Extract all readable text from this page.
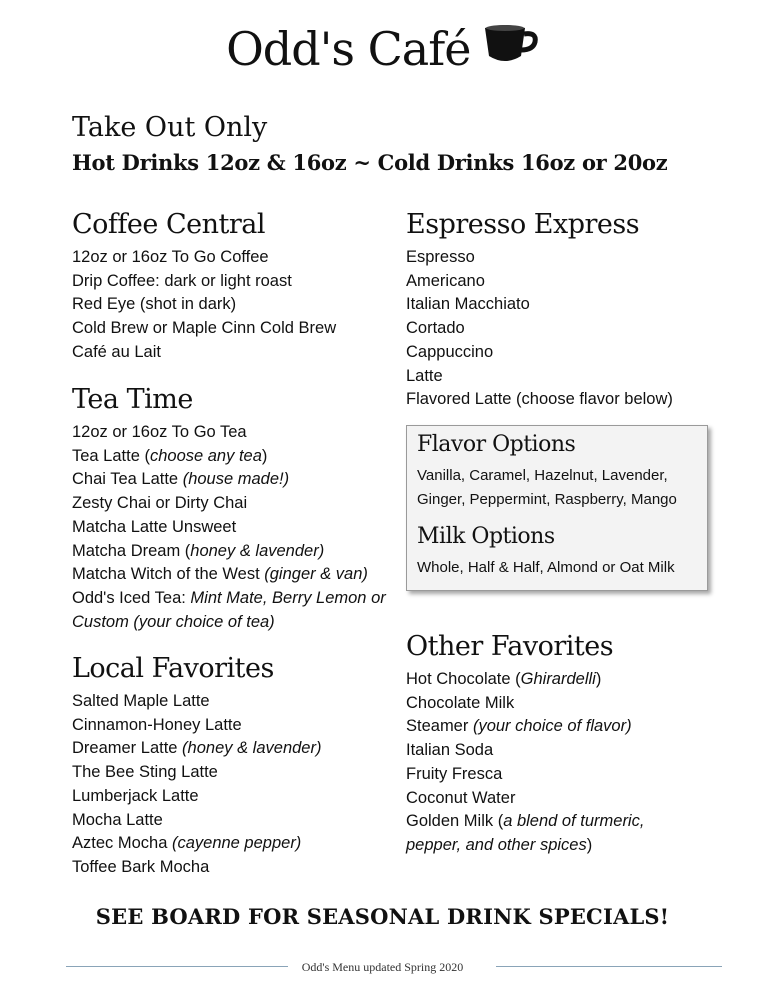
Odd's Café
Take Out Only
Hot Drinks 12oz & 16oz ~ Cold Drinks 16oz or 20oz
Coffee Central
12oz or 16oz To Go Coffee
Drip Coffee: dark or light roast
Red Eye (shot in dark)
Cold Brew or Maple Cinn Cold Brew
Café au Lait
Tea Time
12oz or 16oz To Go Tea
Tea Latte (choose any tea)
Chai Tea Latte (house made!)
Zesty Chai or Dirty Chai
Matcha Latte Unsweet
Matcha Dream (honey & lavender)
Matcha Witch of the West (ginger & van)
Odd's Iced Tea: Mint Mate, Berry Lemon or Custom (your choice of tea)
Local Favorites
Salted Maple Latte
Cinnamon-Honey Latte
Dreamer Latte (honey & lavender)
The Bee Sting Latte
Lumberjack Latte
Mocha Latte
Aztec Mocha (cayenne pepper)
Toffee Bark Mocha
Espresso Express
Espresso
Americano
Italian Macchiato
Cortado
Cappuccino
Latte
Flavored Latte (choose flavor below)
Flavor Options

Vanilla, Caramel, Hazelnut, Lavender, Ginger, Peppermint, Raspberry, Mango

Milk Options

Whole, Half & Half, Almond or Oat Milk

Other Favorites
Hot Chocolate (Ghirardelli)
Chocolate Milk
Steamer (your choice of flavor)
Italian Soda
Fruity Fresca
Coconut Water
Golden Milk (a blend of turmeric, pepper, and other spices)
SEE BOARD FOR SEASONAL DRINK SPECIALS!
Odd's Menu updated Spring 2020
